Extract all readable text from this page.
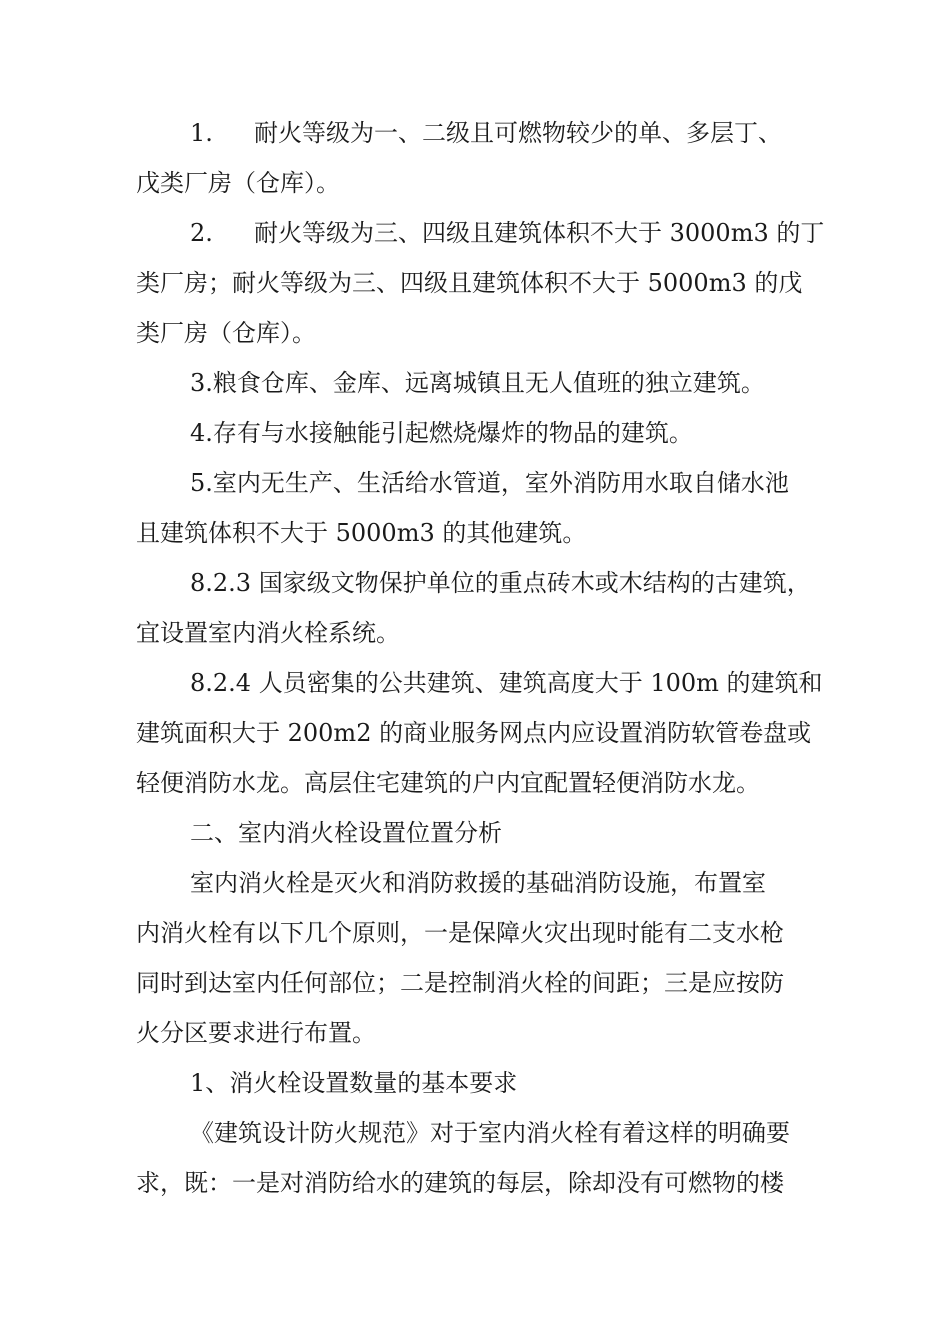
1. 耐火等级为一、二级且可燃物较少的单、多层丁、
戊类厂房（仓库）。
2. 耐火等级为三、四级且建筑体积不大于 3000m3 的丁
类厂房；耐火等级为三、四级且建筑体积不大于 5000m3 的戊
类厂房（仓库）。
3.粮食仓库、金库、远离城镇且无人值班的独立建筑。
4.存有与水接触能引起燃烧爆炸的物品的建筑。
5.室内无生产、生活给水管道，室外消防用水取自储水池
且建筑体积不大于 5000m3 的其他建筑。
8.2.3 国家级文物保护单位的重点砖木或木结构的古建筑，
宜设置室内消火栓系统。
8.2.4 人员密集的公共建筑、建筑高度大于 100m 的建筑和
建筑面积大于 200m2 的商业服务网点内应设置消防软管卷盘或
轻便消防水龙。高层住宅建筑的户内宜配置轻便消防水龙。
二、室内消火栓设置位置分析
室内消火栓是灭火和消防救援的基础消防设施，布置室
内消火栓有以下几个原则，一是保障火灾出现时能有二支水枪
同时到达室内任何部位；二是控制消火栓的间距；三是应按防
火分区要求进行布置。
1、消火栓设置数量的基本要求
《建筑设计防火规范》对于室内消火栓有着这样的明确要
求，既：一是对消防给水的建筑的每层，除却没有可燃物的楼
